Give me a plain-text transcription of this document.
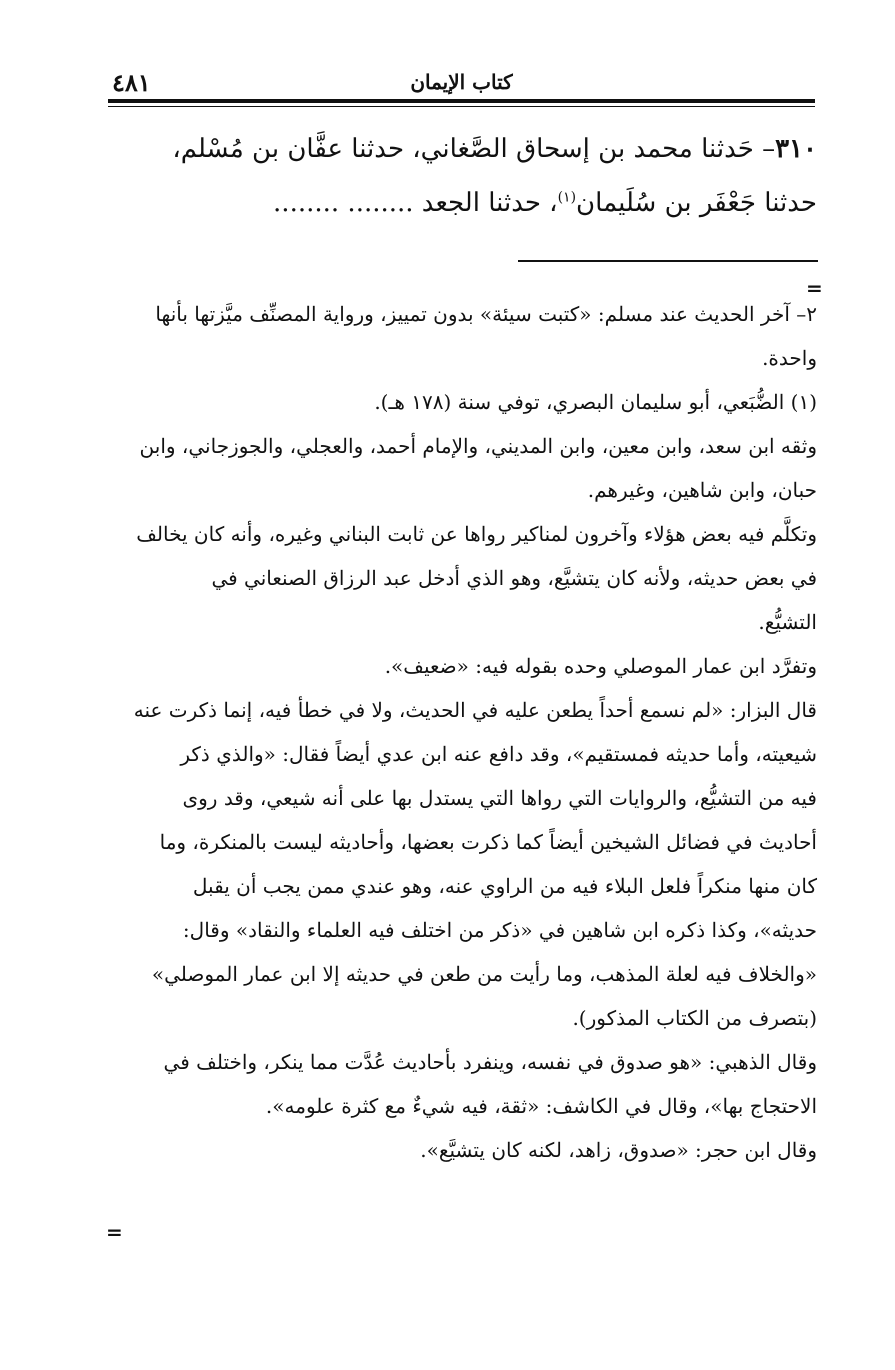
٤٨١	كتاب الإيمان
٣١٠– حَدثنا محمد بن إسحاق الصَّغاني، حدثنا عفَّان بن مُسْلم،
حدثنا جَعْفَر بن سُلَيمان$^{(١)}$، حدثنا الجعد ........ ........
=

٢– آخر الحديث عند مسلم: «كتبت سيئة» بدون تمييز، ورواية المصنِّف ميَّزتها بأنها

واحدة.

(١) الضُّبَعي، أبو سليمان البصري، توفي سنة (١٧٨ هـ).

وثقه ابن سعد، وابن معين، وابن المديني، والإمام أحمد، والعجلي، والجوزجاني، وابن

حبان، وابن شاهين، وغيرهم.

وتكلَّم فيه بعض هؤلاء وآخرون لمناكير رواها عن ثابت البناني وغيره، وأنه كان يخالف

في بعض حديثه، ولأنه كان يتشيَّع، وهو الذي أدخل عبد الرزاق الصنعاني في

التشيُّع.

وتفرَّد ابن عمار الموصلي وحده بقوله فيه: «ضعيف».

قال البزار: «لم نسمع أحداً يطعن عليه في الحديث، ولا في خطأ فيه، إنما ذكرت عنه

شيعيته، وأما حديثه فمستقيم»، وقد دافع عنه ابن عدي أيضاً فقال: «والذي ذكر

فيه من التشيُّع، والروايات التي رواها التي يستدل بها على أنه شيعي، وقد روى

أحاديث في فضائل الشيخين أيضاً كما ذكرت بعضها، وأحاديثه ليست بالمنكرة، وما

كان منها منكراً فلعل البلاء فيه من الراوي عنه، وهو عندي ممن يجب أن يقبل

حديثه»، وكذا ذكره ابن شاهين في «ذكر من اختلف فيه العلماء والنقاد» وقال:

«والخلاف فيه لعلة المذهب، وما رأيت من طعن في حديثه إلا ابن عمار الموصلي»

(بتصرف من الكتاب المذكور).

وقال الذهبي: «هو صدوق في نفسه، وينفرد بأحاديث عُدَّت مما ينكر، واختلف في

الاحتجاج بها»، وقال في الكاشف: «ثقة، فيه شيءٌ مع كثرة علومه».

وقال ابن حجر: «صدوق، زاهد، لكنه كان يتشيَّع».

=
